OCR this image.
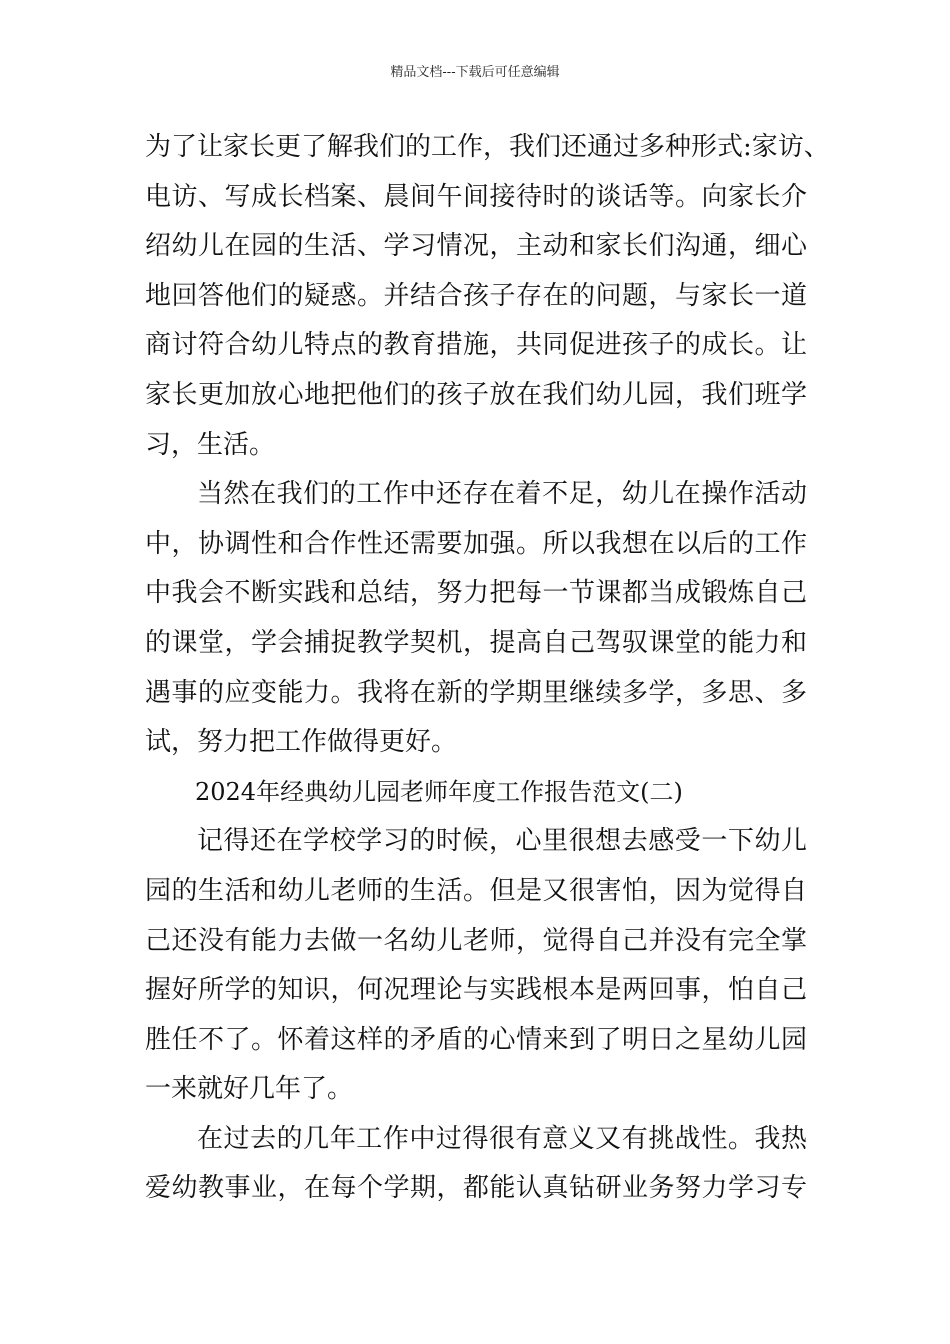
精品文档---下载后可任意编辑
为了让家长更了解我们的工作，我们还通过多种形式:家访、
电访、写成长档案、晨间午间接待时的谈话等。向家长介
绍幼儿在园的生活、学习情况，主动和家长们沟通，细心
地回答他们的疑惑。并结合孩子存在的问题，与家长一道
商讨符合幼儿特点的教育措施，共同促进孩子的成长。让
家长更加放心地把他们的孩子放在我们幼儿园，我们班学
习，生活。
当然在我们的工作中还存在着不足，幼儿在操作活动
中，协调性和合作性还需要加强。所以我想在以后的工作
中我会不断实践和总结，努力把每一节课都当成锻炼自己
的课堂，学会捕捉教学契机，提高自己驾驭课堂的能力和
遇事的应变能力。我将在新的学期里继续多学，多思、多
试，努力把工作做得更好。
2024年经典幼儿园老师年度工作报告范文(二)
记得还在学校学习的时候，心里很想去感受一下幼儿
园的生活和幼儿老师的生活。但是又很害怕，因为觉得自
己还没有能力去做一名幼儿老师，觉得自己并没有完全掌
握好所学的知识，何况理论与实践根本是两回事，怕自己
胜任不了。怀着这样的矛盾的心情来到了明日之星幼儿园
一来就好几年了。
在过去的几年工作中过得很有意义又有挑战性。我热
爱幼教事业，在每个学期，都能认真钻研业务努力学习专
